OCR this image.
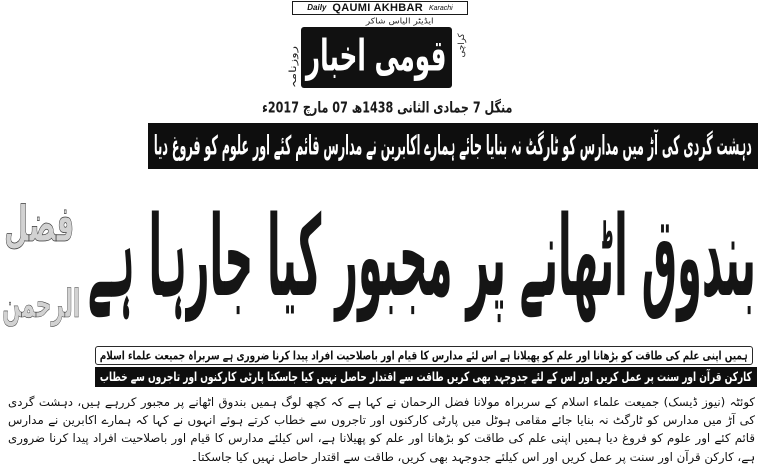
Daily QAUMI AKHBAR Karachi
ایڈیٹر الیاس شاکر
قومی اخبار
روزنامہ
کراچی
منگل 7 جمادی الثانی 1438ھ 07 مارچ 2017ء
دہشت گردی کی آڑ میں مدارس کو ٹارگٹ نہ بنایا جائے ہمارے اکابرین نے مدارس قائم کئے اور علوم کو فروغ دیا
بندوق اٹھانے پر مجبور کیا جارہا ہے
فضل
الرحمن
ہمیں اپنی علم کی طاقت کو بڑھانا اور علم کو پھیلانا ہے اس لئے مدارس کا قیام اور باصلاحیت افراد پیدا کرنا ضروری ہے سربراہ جمیعت علماء اسلام
کارکن قرآن اور سنت پر عمل کریں اور اس کے لئے جدوجہد بھی کریں طاقت سے اقتدار حاصل نہیں کیا جاسکتا پارٹی کارکنوں اور تاجروں سے خطاب

کوئٹہ (نیوز ڈیسک) جمیعت علماء اسلام کے سربراہ مولانا فضل الرحمان نے کہا ہے کہ کچھ لوگ ہمیں بندوق اٹھانے پر مجبور کررہے ہیں، دہشت گردی کی آڑ میں مدارس کو ٹارگٹ نہ بنایا جائے مقامی ہوٹل میں پارٹی کارکنوں اور تاجروں سے خطاب کرتے ہوئے انہوں نے کہا کہ ہمارے اکابرین نے مدارس قائم کئے اور علوم کو فروغ دیا ہمیں اپنی علم کی طاقت کو بڑھانا اور علم کو پھیلانا ہے، اس کیلئے مدارس کا قیام اور باصلاحیت افراد پیدا کرنا ضروری ہے، کارکن قرآن اور سنت پر عمل کریں اور اس کیلئے جدوجہد بھی کریں، طاقت سے اقتدار حاصل نہیں کیا جاسکتا۔
